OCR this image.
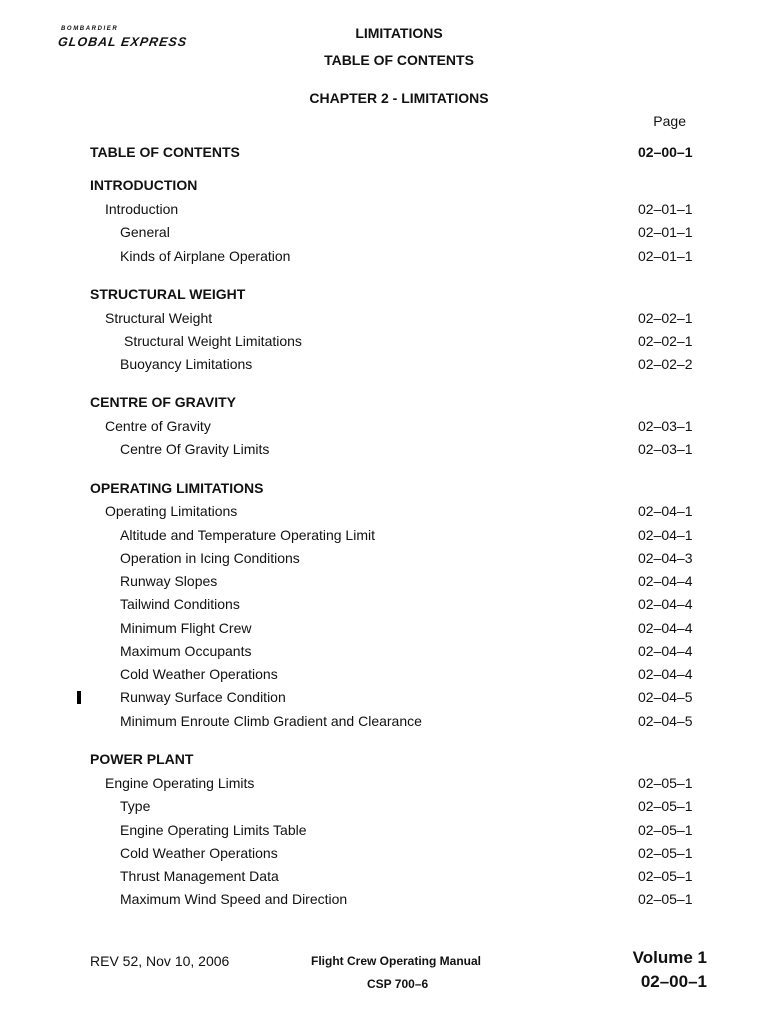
BOMBARDIER
GLOBAL EXPRESS
LIMITATIONS
TABLE OF CONTENTS
CHAPTER 2 - LIMITATIONS
Page
TABLE OF CONTENTS	02–00–1
INTRODUCTION
Introduction	02–01–1
General	02–01–1
Kinds of Airplane Operation	02–01–1
STRUCTURAL WEIGHT
Structural Weight	02–02–1
Structural Weight Limitations	02–02–1
Buoyancy Limitations	02–02–2
CENTRE OF GRAVITY
Centre of Gravity	02–03–1
Centre Of Gravity Limits	02–03–1
OPERATING LIMITATIONS
Operating Limitations	02–04–1
Altitude and Temperature Operating Limit	02–04–1
Operation in Icing Conditions	02–04–3
Runway Slopes	02–04–4
Tailwind Conditions	02–04–4
Minimum Flight Crew	02–04–4
Maximum Occupants	02–04–4
Cold Weather Operations	02–04–4
Runway Surface Condition	02–04–5
Minimum Enroute Climb Gradient and Clearance	02–04–5
POWER PLANT
Engine Operating Limits	02–05–1
Type	02–05–1
Engine Operating Limits Table	02–05–1
Cold Weather Operations	02–05–1
Thrust Management Data	02–05–1
Maximum Wind Speed and Direction	02–05–1
REV 52, Nov 10, 2006	Flight Crew Operating Manual
CSP 700–6
Volume 1
02–00–1
